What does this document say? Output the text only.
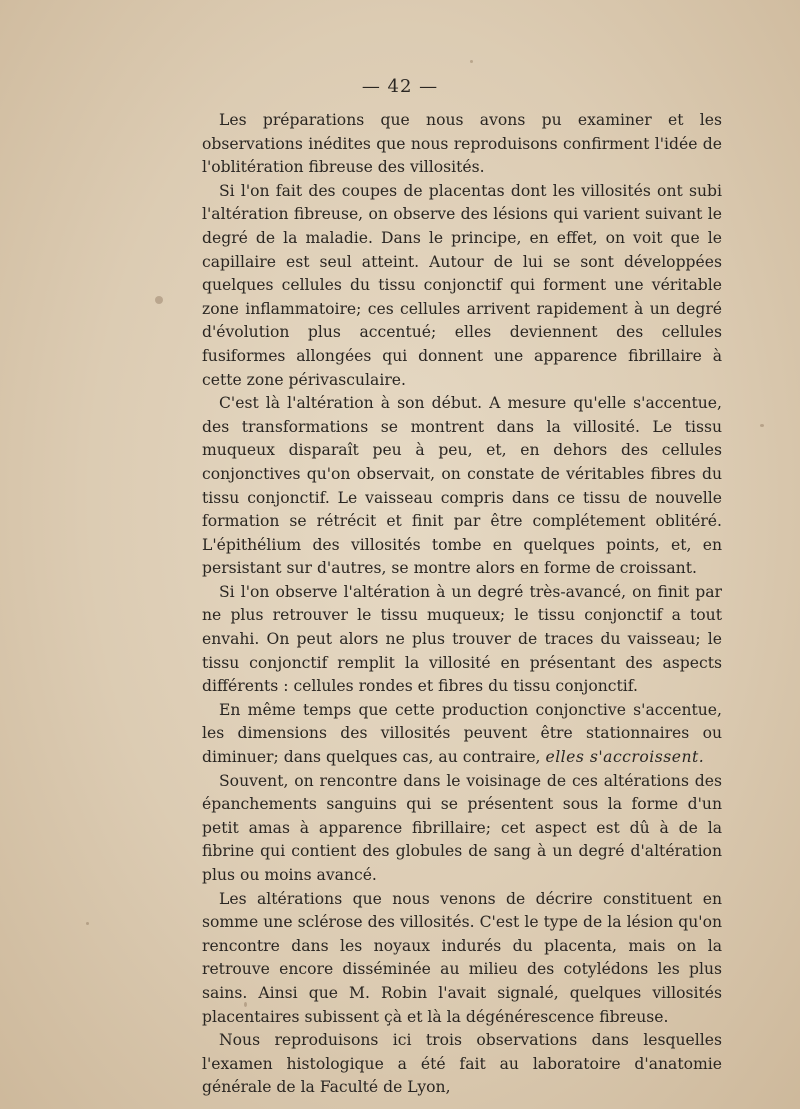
— 42 —

Les préparations que nous avons pu examiner et les observations inédites que nous reproduisons confirment l'idée de l'oblitération fibreuse des villosités.

Si l'on fait des coupes de placentas dont les villosités ont subi l'altération fibreuse, on observe des lésions qui varient suivant le degré de la maladie. Dans le principe, en effet, on voit que le capillaire est seul atteint. Autour de lui se sont développées quelques cellules du tissu conjonctif qui forment une véritable zone inflammatoire; ces cellules arrivent rapidement à un degré d'évolution plus accentué; elles deviennent des cellules fusiformes allongées qui donnent une apparence fibrillaire à cette zone périvasculaire.

C'est là l'altération à son début. A mesure qu'elle s'accentue, des transformations se montrent dans la villosité. Le tissu muqueux disparaît peu à peu, et, en dehors des cellules conjonctives qu'on observait, on constate de véritables fibres du tissu conjonctif. Le vaisseau compris dans ce tissu de nouvelle formation se rétrécit et finit par être complétement oblitéré. L'épithélium des villosités tombe en quelques points, et, en persistant sur d'autres, se montre alors en forme de croissant.

Si l'on observe l'altération à un degré très-avancé, on finit par ne plus retrouver le tissu muqueux; le tissu conjonctif a tout envahi. On peut alors ne plus trouver de traces du vaisseau; le tissu conjonctif remplit la villosité en présentant des aspects différents : cellules rondes et fibres du tissu conjonctif.

En même temps que cette production conjonctive s'accentue, les dimensions des villosités peuvent être stationnaires ou diminuer; dans quelques cas, au contraire, elles s'accroissent.

Souvent, on rencontre dans le voisinage de ces altérations des épanchements sanguins qui se présentent sous la forme d'un petit amas à apparence fibrillaire; cet aspect est dû à de la fibrine qui contient des globules de sang à un degré d'altération plus ou moins avancé.

Les altérations que nous venons de décrire constituent en somme une sclérose des villosités. C'est le type de la lésion qu'on rencontre dans les noyaux indurés du placenta, mais on la retrouve encore disséminée au milieu des cotylédons les plus sains. Ainsi que M. Robin l'avait signalé, quelques villosités placentaires subissent çà et là la dégénérescence fibreuse.

Nous reproduisons ici trois observations dans lesquelles l'examen histologique a été fait au laboratoire d'anatomie générale de la Faculté de Lyon,
